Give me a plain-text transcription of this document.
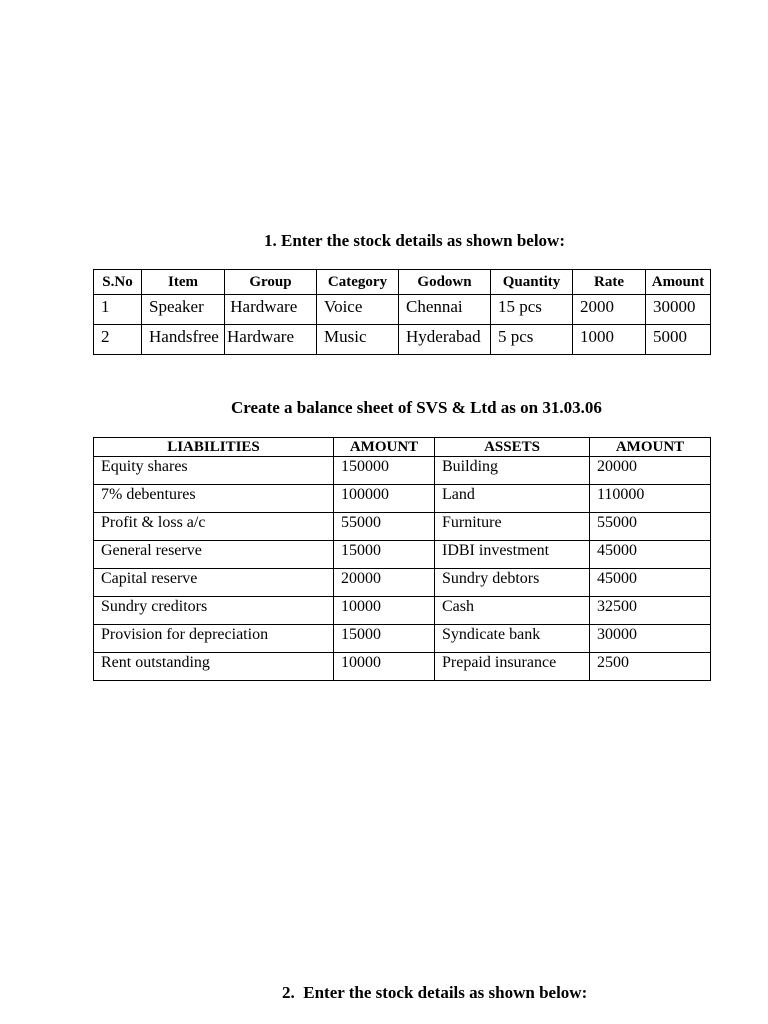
1. Enter the stock details as shown below:

S.No	Item	Group	Category	Godown	Quantity	Rate	Amount
1	Speaker	Hardware	Voice	Chennai	15 pcs	2000	30000
2	Handsfree	Hardware	Music	Hyderabad	5 pcs	1000	5000

Create a balance sheet of SVS & Ltd as on 31.03.06

LIABILITIES	AMOUNT	ASSETS	AMOUNT
Equity shares	150000	Building	20000
7% debentures	100000	Land	110000
Profit & loss a/c	55000	Furniture	55000
General reserve	15000	IDBI investment	45000
Capital reserve	20000	Sundry debtors	45000
Sundry creditors	10000	Cash	32500
Provision for depreciation	15000	Syndicate bank	30000
Rent outstanding	10000	Prepaid insurance	2500

2.  Enter the stock details as shown below:
